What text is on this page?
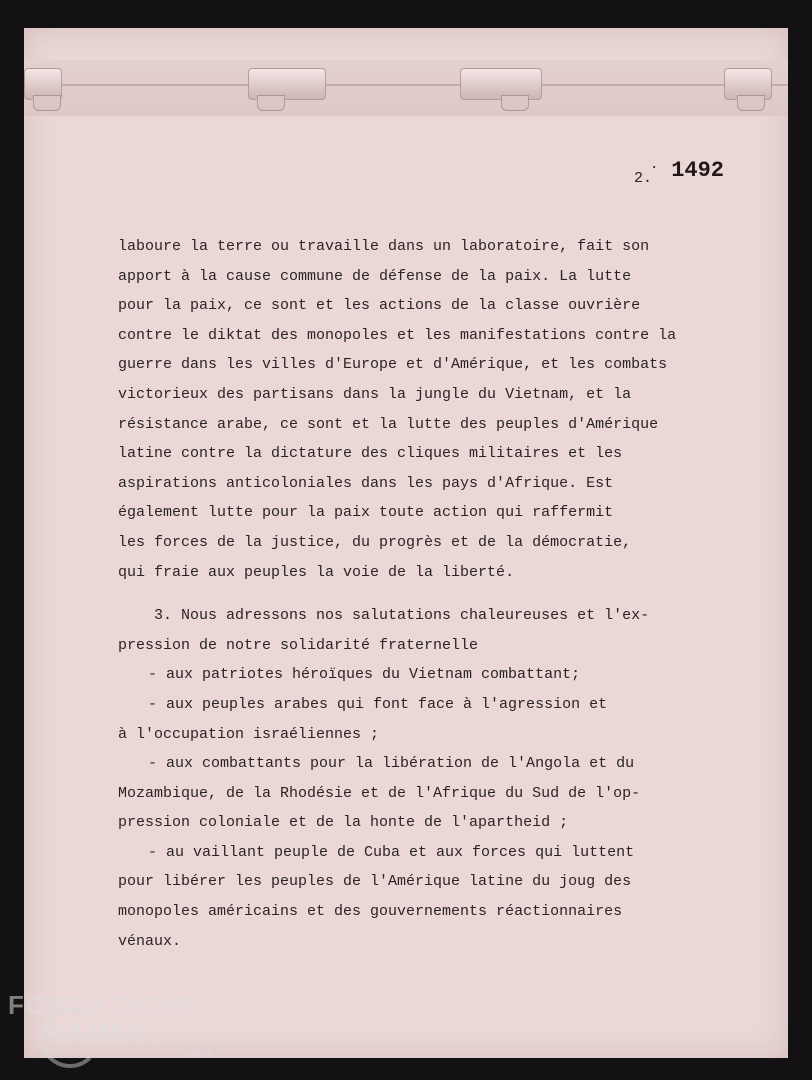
·
2. 1492
laboure la terre ou travaille dans un laboratoire, fait son
apport à la cause commune de défense de la paix. La lutte
pour la paix, ce sont et les actions de la classe ouvrière
contre le diktat des monopoles et les manifestations contre la
guerre dans les villes d'Europe et d'Amérique, et les combats
victorieux des partisans dans la jungle du Vietnam, et la
résistance arabe, ce sont et la lutte des peuples d'Amérique
latine contre la dictature des cliques militaires et les
aspirations anticoloniales dans les pays d'Afrique. Est
également lutte pour la paix toute action qui raffermit
les forces de la justice, du progrès et de la démocratie,
qui fraie aux peuples la voie de la liberté.
3. Nous adressons nos salutations chaleureuses et l'ex-
pression de notre solidarité fraternelle
- aux patriotes héroïques du Vietnam combattant;
- aux peuples arabes qui font face à l'agression et
à l'occupation israéliennes ;
- aux combattants pour la libération de l'Angola et du
Mozambique, de la Rhodésie et de l'Afrique du Sud de l'op-
pression coloniale et de la honte de l'apartheid ;
- au vaillant peuple de Cuba et aux forces qui luttent
pour libérer les peuples de l'Amérique latine du joug des
monopoles américains et des gouvernements réactionnaires
vénaux.
FONDAZIONE
RAMSCI
onlus
